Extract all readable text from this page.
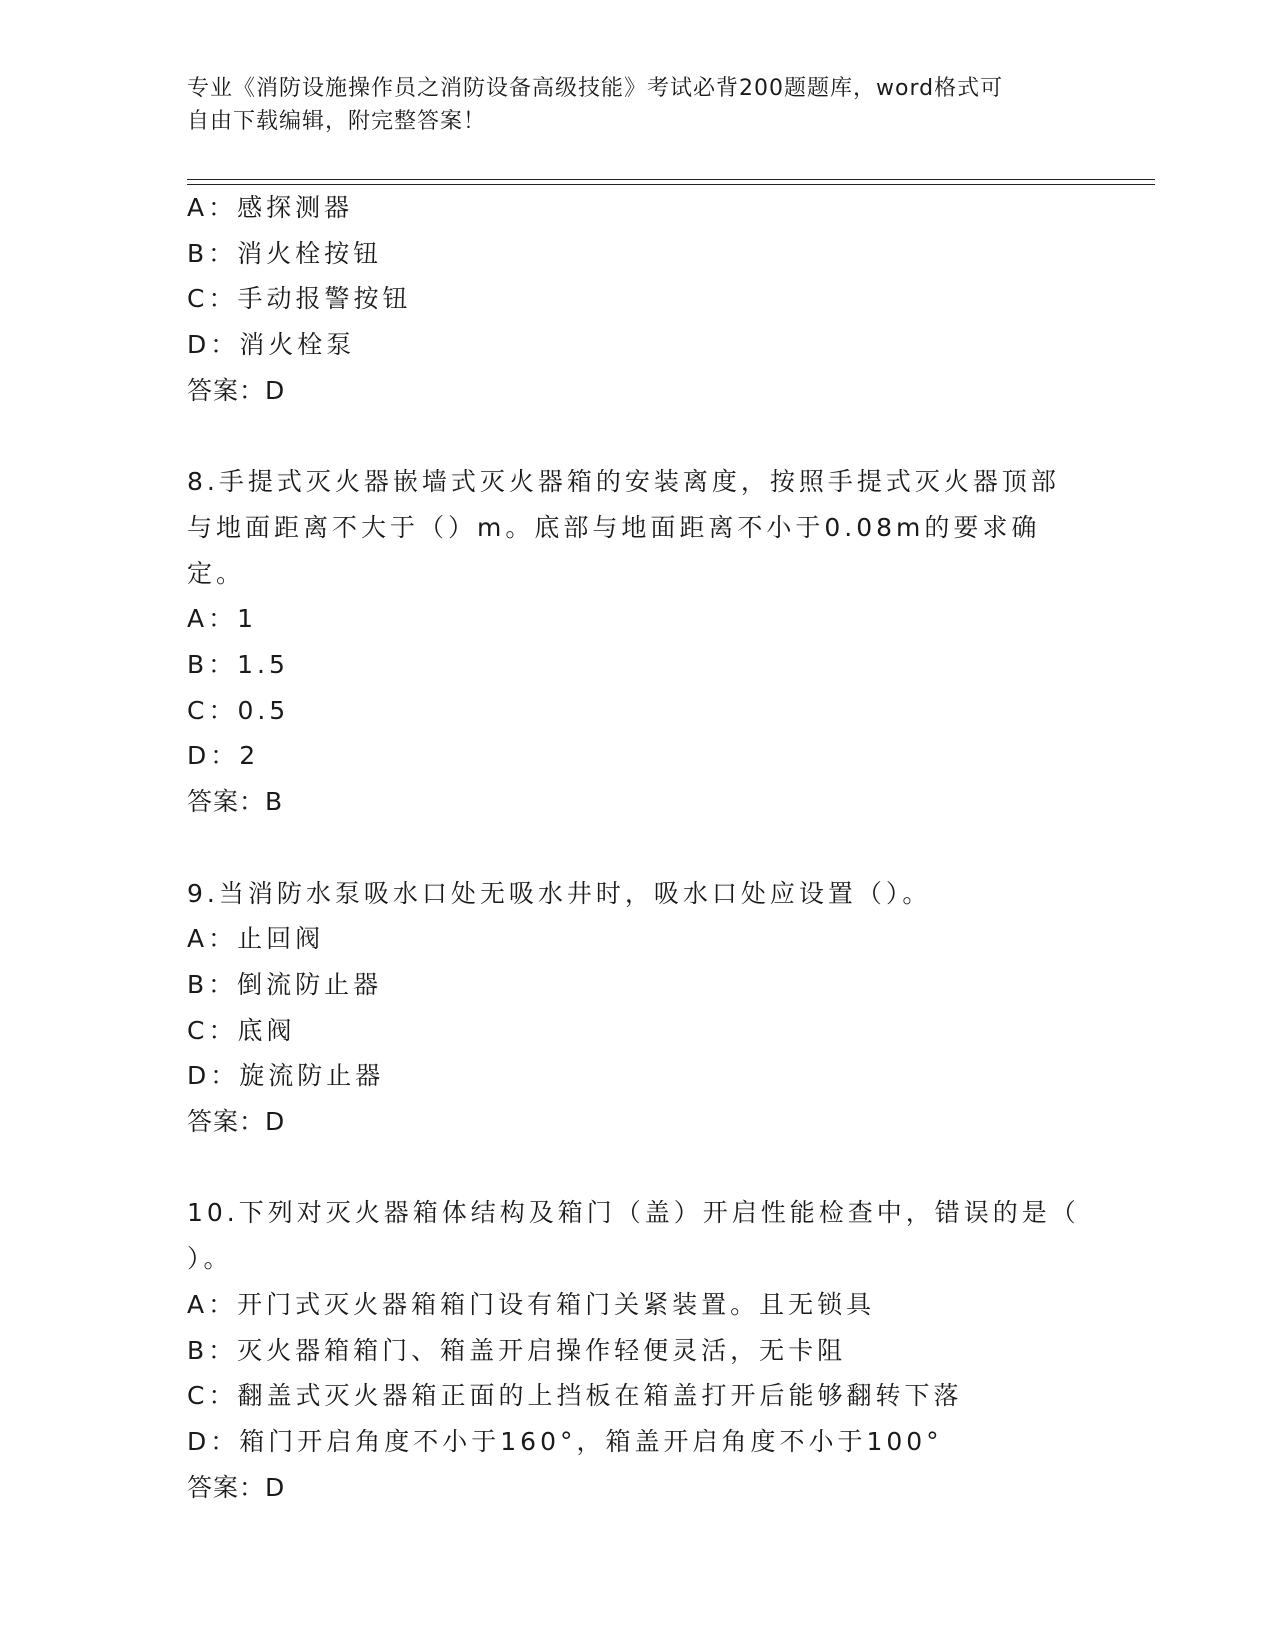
专业《消防设施操作员之消防设备高级技能》考试必背200题题库，word格式可
自由下载编辑，附完整答案！
A：感探测器
B：消火栓按钮
C：手动报警按钮
D：消火栓泵
答案：D
8.手提式灭火器嵌墙式灭火器箱的安装离度，按照手提式灭火器顶部
与地面距离不大于（）m。底部与地面距离不小于0.08m的要求确定。
A：1
B：1.5
C：0.5
D：2
答案：B
9.当消防水泵吸水口处无吸水井时，吸水口处应设置（）。
A：止回阀
B：倒流防止器
C：底阀
D：旋流防止器
答案：D
10.下列对灭火器箱体结构及箱门（盖）开启性能检查中，错误的是（
）。
A：开门式灭火器箱箱门设有箱门关紧装置。且无锁具
B：灭火器箱箱门、箱盖开启操作轻便灵活，无卡阻
C：翻盖式灭火器箱正面的上挡板在箱盖打开后能够翻转下落
D：箱门开启角度不小于160°，箱盖开启角度不小于100°
答案：D
